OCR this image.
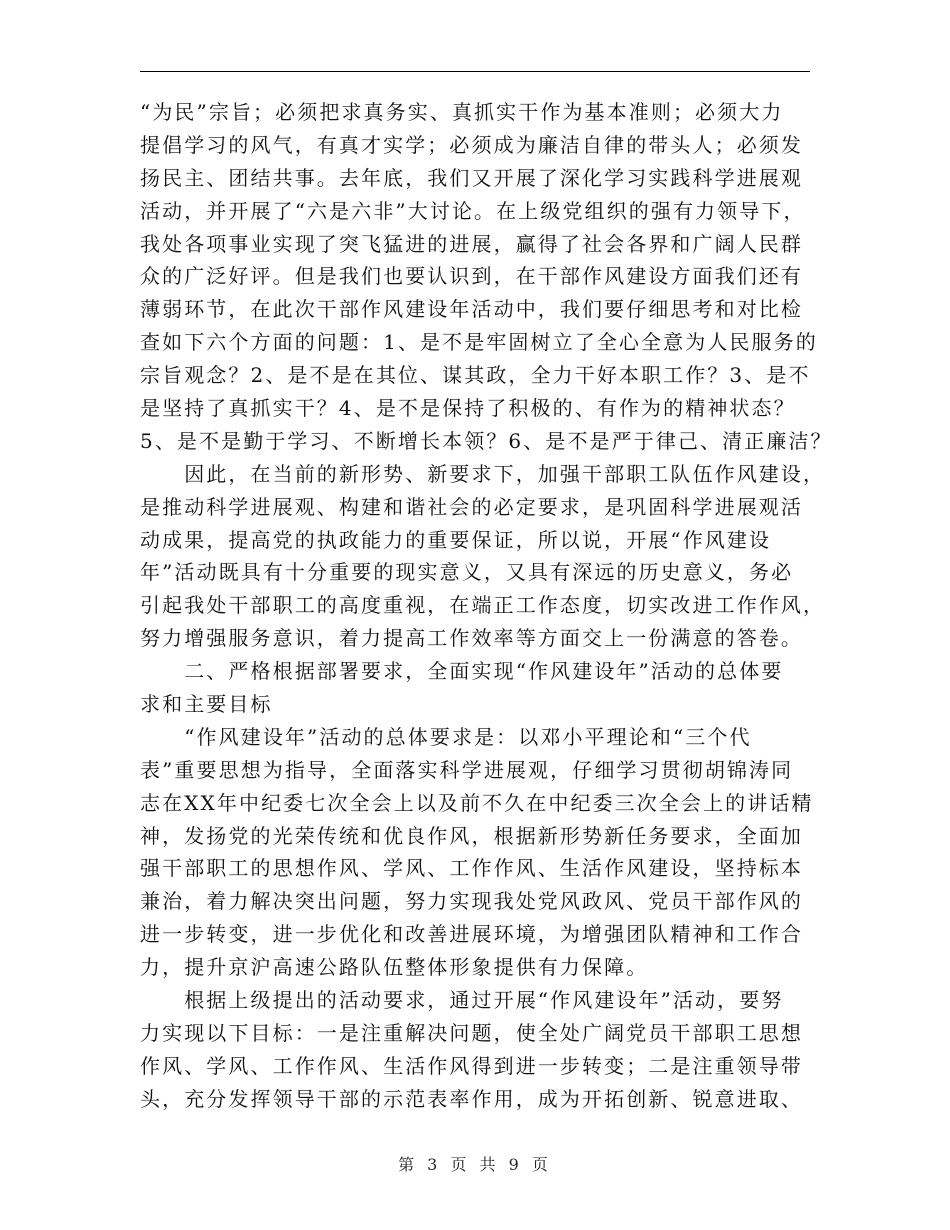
“为民”宗旨；必须把求真务实、真抓实干作为基本准则；必须大力
提倡学习的风气，有真才实学；必须成为廉洁自律的带头人；必须发
扬民主、团结共事。去年底，我们又开展了深化学习实践科学进展观
活动，并开展了“六是六非”大讨论。在上级党组织的强有力领导下，
我处各项事业实现了突飞猛进的进展，赢得了社会各界和广阔人民群
众的广泛好评。但是我们也要认识到，在干部作风建设方面我们还有
薄弱环节，在此次干部作风建设年活动中，我们要仔细思考和对比检
查如下六个方面的问题：1、是不是牢固树立了全心全意为人民服务的
宗旨观念？2、是不是在其位、谋其政，全力干好本职工作？3、是不
是坚持了真抓实干？4、是不是保持了积极的、有作为的精神状态？
5、是不是勤于学习、不断增长本领？6、是不是严于律己、清正廉洁？
　　因此，在当前的新形势、新要求下，加强干部职工队伍作风建设，
是推动科学进展观、构建和谐社会的必定要求，是巩固科学进展观活
动成果，提高党的执政能力的重要保证，所以说，开展“作风建设
年”活动既具有十分重要的现实意义，又具有深远的历史意义，务必
引起我处干部职工的高度重视，在端正工作态度，切实改进工作作风，
努力增强服务意识，着力提高工作效率等方面交上一份满意的答卷。
　　二、严格根据部署要求，全面实现“作风建设年”活动的总体要
求和主要目标
　　“作风建设年”活动的总体要求是：以邓小平理论和“三个代
表”重要思想为指导，全面落实科学进展观，仔细学习贯彻胡锦涛同
志在XX年中纪委七次全会上以及前不久在中纪委三次全会上的讲话精
神，发扬党的光荣传统和优良作风，根据新形势新任务要求，全面加
强干部职工的思想作风、学风、工作作风、生活作风建设，坚持标本
兼治，着力解决突出问题，努力实现我处党风政风、党员干部作风的
进一步转变，进一步优化和改善进展环境，为增强团队精神和工作合
力，提升京沪高速公路队伍整体形象提供有力保障。
　　根据上级提出的活动要求，通过开展“作风建设年”活动，要努
力实现以下目标：一是注重解决问题，使全处广阔党员干部职工思想
作风、学风、工作作风、生活作风得到进一步转变；二是注重领导带
头，充分发挥领导干部的示范表率作用，成为开拓创新、锐意进取、
第 3 页 共 9 页
